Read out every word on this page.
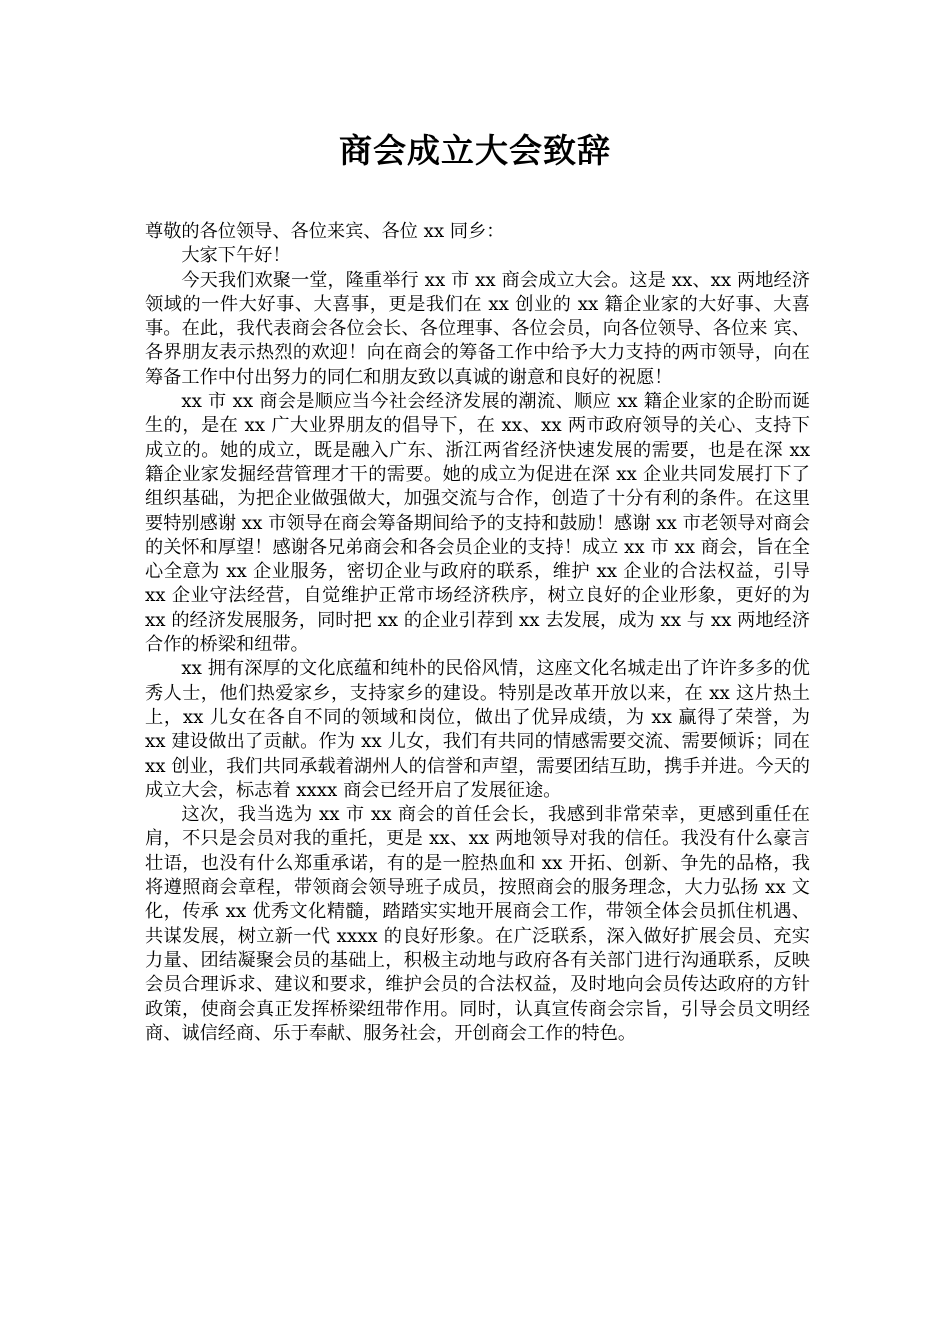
商会成立大会致辞

尊敬的各位领导、各位来宾、各位 xx 同乡：

大家下午好！

今天我们欢聚一堂，隆重举行 xx 市 xx 商会成立大会。这是 xx、xx 两地经济领域的一件大好事、大喜事，更是我们在 xx 创业的 xx 籍企业家的大好事、大喜事。在此，我代表商会各位会长、各位理事、各位会员，向各位领导、各位来 宾、各界朋友表示热烈的欢迎！向在商会的筹备工作中给予大力支持的两市领导，向在筹备工作中付出努力的同仁和朋友致以真诚的谢意和良好的祝愿！

xx 市 xx 商会是顺应当今社会经济发展的潮流、顺应 xx 籍企业家的企盼而诞生的，是在 xx 广大业界朋友的倡导下，在 xx、xx 两市政府领导的关心、支持下成立的。她的成立，既是融入广东、浙江两省经济快速发展的需要，也是在深 xx 籍企业家发掘经营管理才干的需要。她的成立为促进在深 xx 企业共同发展打下了组织基础，为把企业做强做大，加强交流与合作，创造了十分有利的条件。在这里要特别感谢 xx 市领导在商会筹备期间给予的支持和鼓励！感谢 xx 市老领导对商会的关怀和厚望！感谢各兄弟商会和各会员企业的支持！成立 xx 市 xx 商会，旨在全心全意为 xx 企业服务，密切企业与政府的联系，维护 xx 企业的合法权益，引导 xx 企业守法经营，自觉维护正常市场经济秩序，树立良好的企业形象，更好的为 xx 的经济发展服务，同时把 xx 的企业引荐到 xx 去发展，成为 xx 与 xx 两地经济合作的桥梁和纽带。

xx 拥有深厚的文化底蕴和纯朴的民俗风情，这座文化名城走出了许许多多的优秀人士，他们热爱家乡，支持家乡的建设。特别是改革开放以来，在 xx 这片热土上，xx 儿女在各自不同的领域和岗位，做出了优异成绩，为 xx 赢得了荣誉，为 xx 建设做出了贡献。作为 xx 儿女，我们有共同的情感需要交流、需要倾诉；同在 xx 创业，我们共同承载着湖州人的信誉和声望，需要团结互助，携手并进。今天的成立大会，标志着 xxxx 商会已经开启了发展征途。

这次，我当选为 xx 市 xx 商会的首任会长，我感到非常荣幸，更感到重任在肩，不只是会员对我的重托，更是 xx、xx 两地领导对我的信任。我没有什么豪言壮语，也没有什么郑重承诺，有的是一腔热血和 xx 开拓、创新、争先的品格，我将遵照商会章程，带领商会领导班子成员，按照商会的服务理念，大力弘扬 xx 文化，传承 xx 优秀文化精髓，踏踏实实地开展商会工作，带领全体会员抓住机遇、共谋发展，树立新一代 xxxx 的良好形象。在广泛联系，深入做好扩展会员、充实力量、团结凝聚会员的基础上，积极主动地与政府各有关部门进行沟通联系，反映会员合理诉求、建议和要求，维护会员的合法权益，及时地向会员传达政府的方针政策，使商会真正发挥桥梁纽带作用。同时，认真宣传商会宗旨，引导会员文明经商、诚信经商、乐于奉献、服务社会，开创商会工作的特色。
